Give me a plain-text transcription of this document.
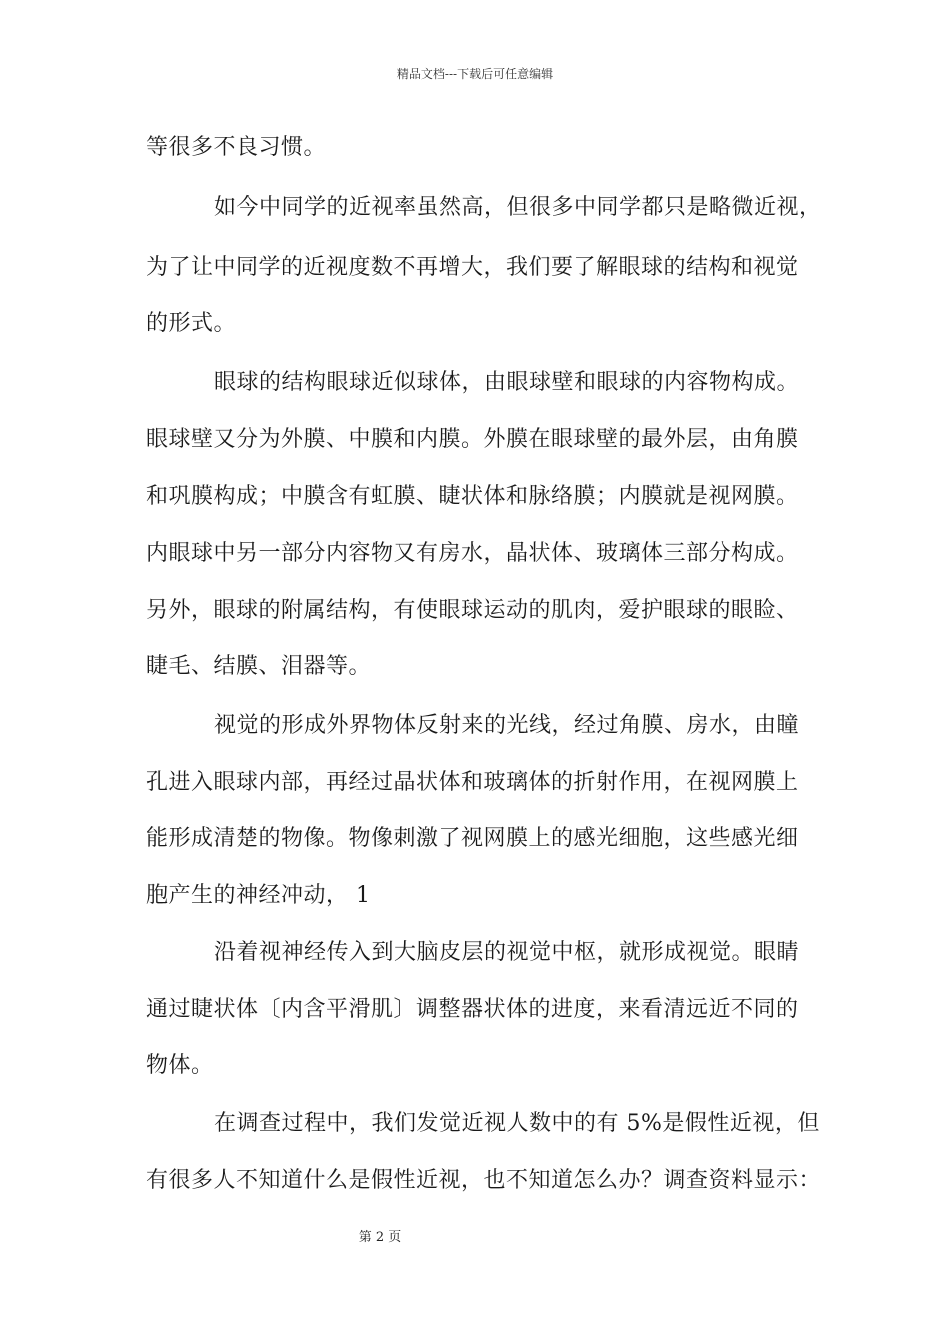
精品文档---下载后可任意编辑
等很多不良习惯。
如今中同学的近视率虽然高，但很多中同学都只是略微近视，
为了让中同学的近视度数不再增大，我们要了解眼球的结构和视觉
的形式。
眼球的结构眼球近似球体，由眼球壁和眼球的内容物构成。
眼球壁又分为外膜、中膜和内膜。外膜在眼球壁的最外层，由角膜
和巩膜构成；中膜含有虹膜、睫状体和脉络膜；内膜就是视网膜。
内眼球中另一部分内容物又有房水，晶状体、玻璃体三部分构成。
另外，眼球的附属结构，有使眼球运动的肌肉，爱护眼球的眼睑、
睫毛、结膜、泪器等。
视觉的形成外界物体反射来的光线，经过角膜、房水，由瞳
孔进入眼球内部，再经过晶状体和玻璃体的折射作用，在视网膜上
能形成清楚的物像。物像刺激了视网膜上的感光细胞，这些感光细
胞产生的神经冲动， 1
沿着视神经传入到大脑皮层的视觉中枢，就形成视觉。眼睛
通过睫状体〔内含平滑肌〕调整器状体的进度，来看清远近不同的
物体。
在调查过程中，我们发觉近视人数中的有 5%是假性近视，但
有很多人不知道什么是假性近视，也不知道怎么办？调查资料显示：
第 2 页
